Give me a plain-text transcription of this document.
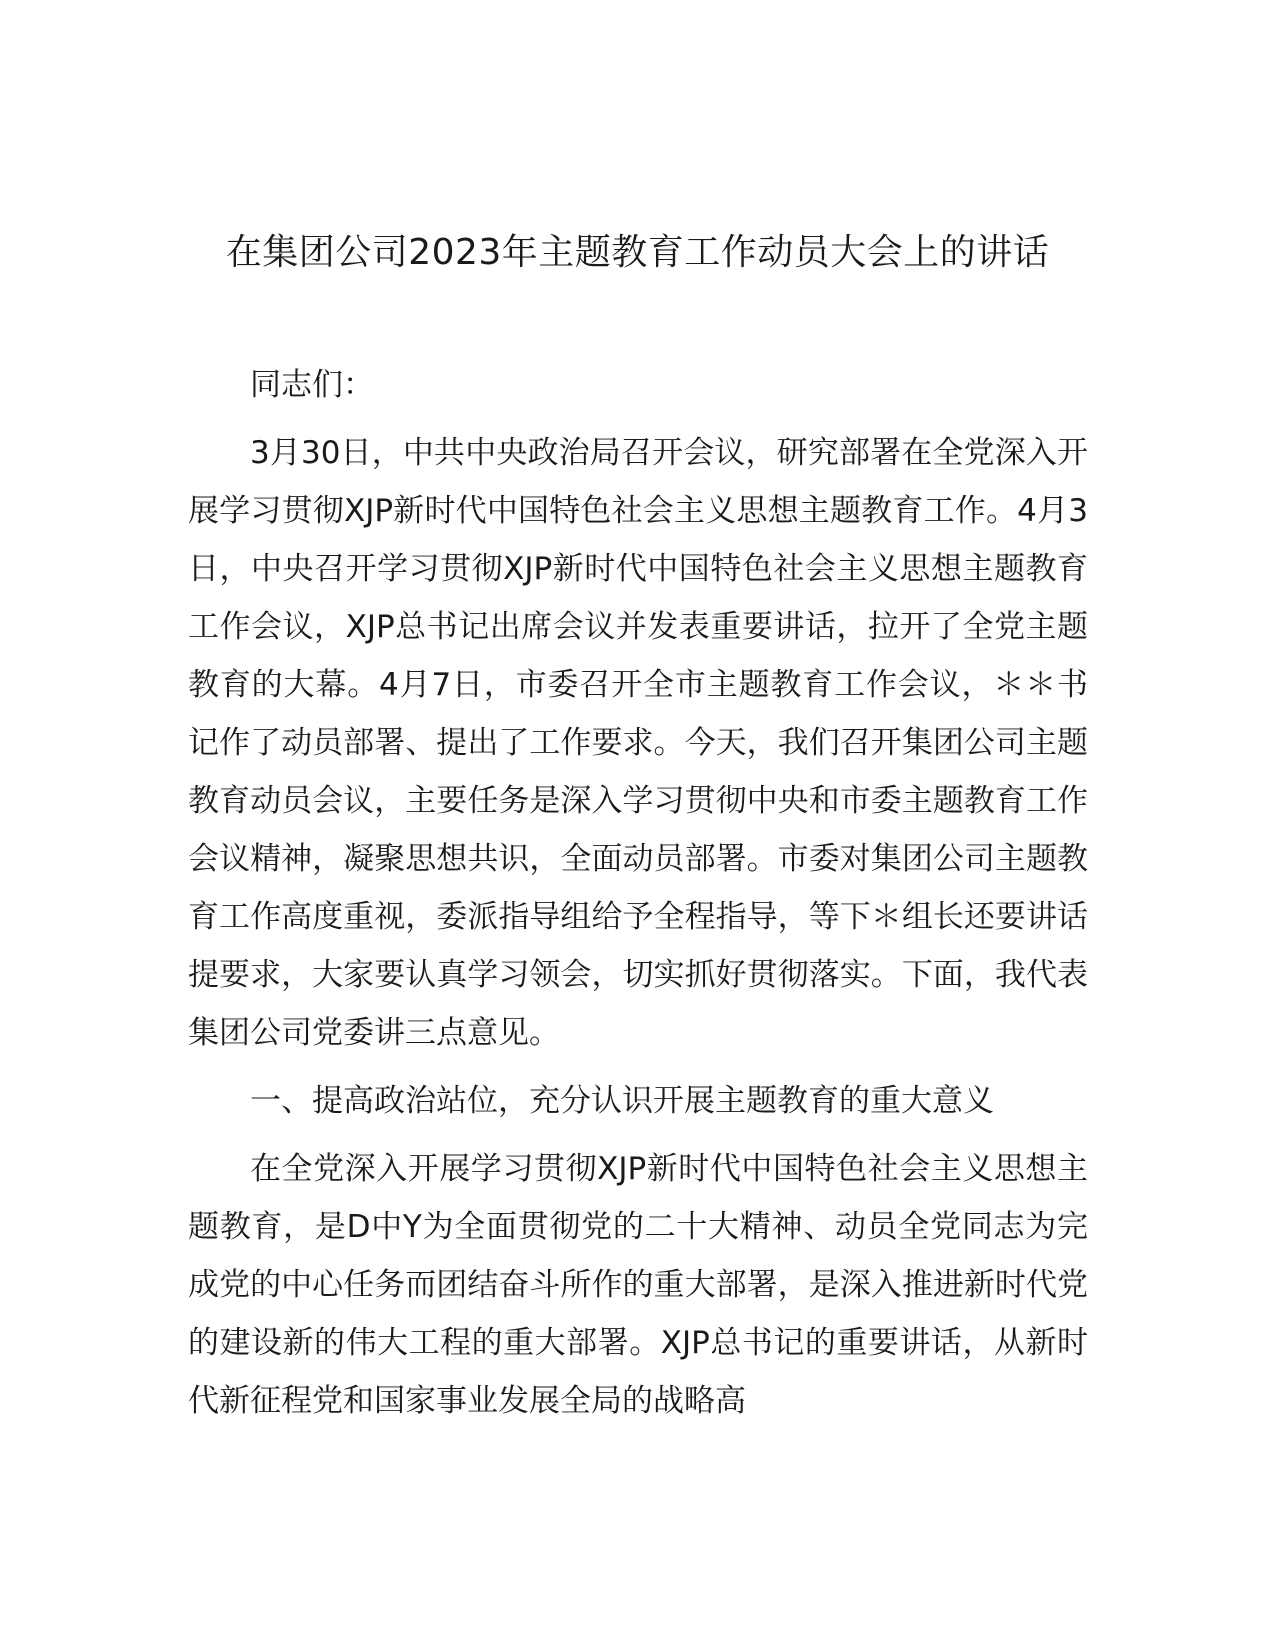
在集团公司2023年主题教育工作动员大会上的讲话

同志们：

3月30日，中共中央政治局召开会议，研究部署在全党深入开展学习贯彻XJP新时代中国特色社会主义思想主题教育工作。4月3日，中央召开学习贯彻XJP新时代中国特色社会主义思想主题教育工作会议，XJP总书记出席会议并发表重要讲话，拉开了全党主题教育的大幕。4月7日，市委召开全市主题教育工作会议，＊＊书记作了动员部署、提出了工作要求。今天，我们召开集团公司主题教育动员会议，主要任务是深入学习贯彻中央和市委主题教育工作会议精神，凝聚思想共识，全面动员部署。市委对集团公司主题教育工作高度重视，委派指导组给予全程指导，等下＊组长还要讲话提要求，大家要认真学习领会，切实抓好贯彻落实。下面，我代表集团公司党委讲三点意见。

一、提高政治站位，充分认识开展主题教育的重大意义

在全党深入开展学习贯彻XJP新时代中国特色社会主义思想主题教育，是D中Y为全面贯彻党的二十大精神、动员全党同志为完成党的中心任务而团结奋斗所作的重大部署，是深入推进新时代党的建设新的伟大工程的重大部署。XJP总书记的重要讲话，从新时代新征程党和国家事业发展全局的战略高
